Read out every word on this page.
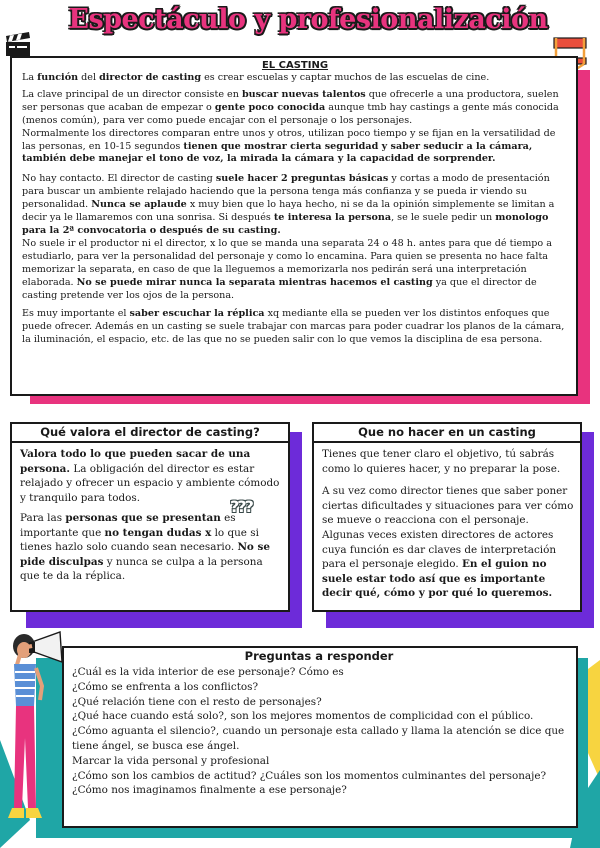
Espectáculo y profesionalización
EL CASTING

La función del director de casting es crear escuelas y captar muchos de las escuelas de cine.

La clave principal de un director consiste en buscar nuevas talentos que ofrecerle a una productora, suelen ser personas que acaban de empezar o gente poco conocida aunque tmb hay castings a gente más conocida (menos común), para ver como puede encajar con el personaje o los personajes.

Normalmente los directores comparan entre unos y otros, utilizan poco tiempo y se fijan en la versatilidad de las personas, en 10-15 segundos tienen que mostrar cierta seguridad y saber seducir a la cámara, también debe manejar el tono de voz, la mirada la cámara y la capacidad de sorprender.

No hay contacto. El director de casting suele hacer 2 preguntas básicas y cortas a modo de presentación para buscar un ambiente relajado haciendo que la persona tenga más confianza y se pueda ir viendo su personalidad. Nunca se aplaude x muy bien que lo haya hecho, ni se da la opinión simplemente se limitan a decir ya le llamaremos con una sonrisa. Si después te interesa la persona, se le suele pedir un monologo para la 2ª convocatoria o después de su casting.

No suele ir el productor ni el director, x lo que se manda una separata 24 o 48 h. antes para que dé tiempo a estudiarlo, para ver la personalidad del personaje y como lo encamina. Para quien se presenta no hace falta memorizar la separata, en caso de que la lleguemos a memorizarla nos pedirán será una interpretación elaborada. No se puede mirar nunca la separata mientras hacemos el casting ya que el director de casting pretende ver los ojos de la persona.

Es muy importante el saber escuchar la réplica xq mediante ella se pueden ver los distintos enfoques que puede ofrecer. Además en un casting se suele trabajar con marcas para poder cuadrar los planos de la cámara, la iluminación, el espacio, etc. de las que no se pueden salir con lo que vemos la disciplina de esa persona.

Qué valora el director de casting?

Valora todo lo que pueden sacar de una persona. La obligación del director es estar relajado y ofrecer un espacio y ambiente cómodo y tranquilo para todos.

Para las personas que se presentan es importante que no tengan dudas x lo que si tienes hazlo solo cuando sean necesario. No se pide disculpas y nunca se culpa a la persona que te da la réplica.

???
Que no hacer en un casting

Tienes que tener claro el objetivo, tú sabrás como lo quieres hacer, y no preparar la pose.

A su vez como director tienes que saber poner ciertas dificultades y situaciones para ver cómo se mueve o reacciona con el personaje. Algunas veces existen directores de actores cuya función es dar claves de interpretación para el personaje elegido. En el guion no suele estar todo así que es importante decir qué, cómo y por qué lo queremos.

Preguntas a responder
¿Cuál es la vida interior de ese personaje? Cómo es
¿Cómo se enfrenta a los conflictos?
¿Qué relación tiene con el resto de personajes?
¿Qué hace cuando está solo?, son los mejores momentos de complicidad con el público.
¿Cómo aguanta el silencio?, cuando un personaje esta callado y llama la atención se dice que tiene ángel, se busca ese ángel.
Marcar la vida personal y profesional
¿Cómo son los cambios de actitud? ¿Cuáles son los momentos culminantes del personaje?
¿Cómo nos imaginamos finalmente a ese personaje?
